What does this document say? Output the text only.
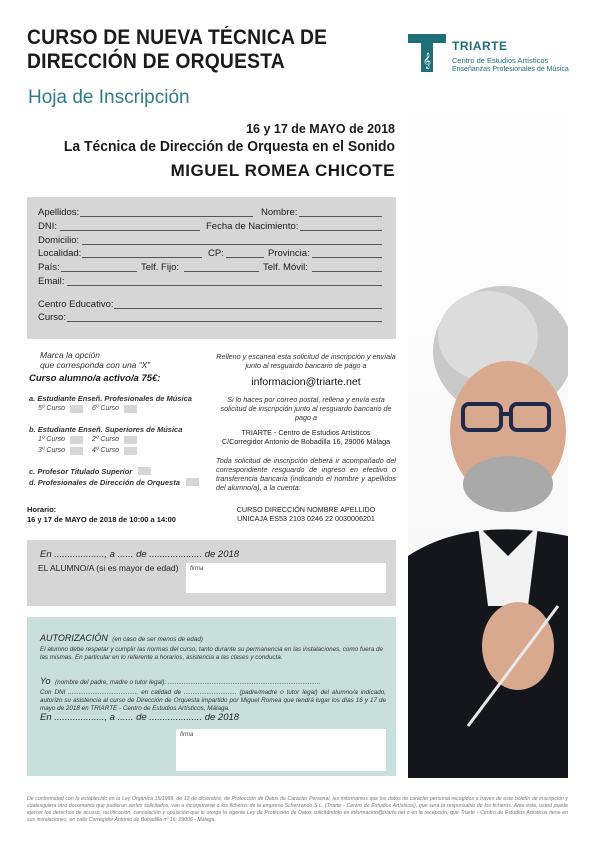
CURSO DE NUEVA TÉCNICA DE
DIRECCIÓN DE ORQUESTA
Hoja de Inscripción
𝄞
TRIARTE
Centro de Estudios Artísticos
Enseñanzas Profesionales de Música
16 y 17 de MAYO de 2018
La Técnica de Dirección de Orquesta en el Sonido
MIGUEL ROMEA CHICOTE
Apellidos:	Nombre:
DNI:	Fecha de Nacimiento:
Domicilio:
Localidad:	CP:	Provincia:
País:	Telf. Fijo:	Telf. Móvil:
Email:
Centro Educativo:
Curso:
Marca la opción
que corresponda con una “X”
Curso alumno/a activo/a 75€:
a. Estudiante Enseñ. Profesionales de Música
5º Curso	6º Curso
b. Estudiante Enseñ. Superiores de Música
1º Curso	2º Curso
3º Curso	4º Curso
c. Profesor Titulado Superior
d. Profesionales de Dirección de Orquesta
Relleno y escanea esta solicitud de inscripción y envíala junto al resguardo bancario de pago a
informacion@triarte.net
Si lo haces por correo postal, rellena y envía esta solicitud de inscripción junto al resguardo bancario de pago a
TRIARTE - Centro de Estudios Artísticos
C/Corregidor Antonio de Bobadilla 16, 29006 Málaga
Toda solicitud de inscripción deberá ir acompañado del correspondiente resguardo de ingreso en efectivo o transferencia bancaria (indicando el nombre y apellidos del alumno/a), a la cuenta:
Horario:
16 y 17 de MAYO de 2018 de 10:00 a 14:00
CURSO DIRECCIÓN NOMBRE APELLIDO
UNICAJA ES53 2103 0246 22 0030006201
En ..................., a ...... de .................... de 2018
EL ALUMNO/A (si es mayor de edad)	firma
AUTORIZACIÓN (en caso de ser menos de edad)
El alumno debe respetar y cumplir las normas del curso, tanto durante su permanencia en las instalaciones, como fuera de las mismas. En particular en lo referente a horarios, asistencia a las clases y conducta.
Yo (nombre del padre, madre o tutor legal): .......................................................................................
Con DNI ........................................ en calidad de .............................. (padre/madre o tutor legal) del alumno/a indicado, autorizo su asistencia al curso de Dirección de Orquesta impartido por Miguel Romea que tendrá lugar los días 16 y 17 de mayo de 2018 en TRIARTE - Centro de Estudios Artísticos, Málaga.
En ..................., a ...... de .................... de 2018
firma
De conformidad con lo establecido en la Ley Orgánica 15/1999, de 13 de diciembre, de Protección de Datos de Carácter Personal, les informamos que los datos de carácter personal recogidos a través de este boletín de inscripción y cualesquiera otro documento que pudieran serles solicitados, van a incorporarse a los ficheros de la empresa Scherzando S.L. (Triarte - Centro de Estudios Artísticos), que será la responsable de los ficheros. Ante esta, usted puede ejercer los derechos de acceso, rectificación, cancelación y oposición que le otorga la vigente Ley de Protección de Datos solicitándolo en informacion@triarte.net o en la recepción, que Triarte - Centro de Estudios Artísticos tiene en sus instalaciones, en calle Corregidor Antonio de Bobadilla nº 16, 29006 - Málaga.
